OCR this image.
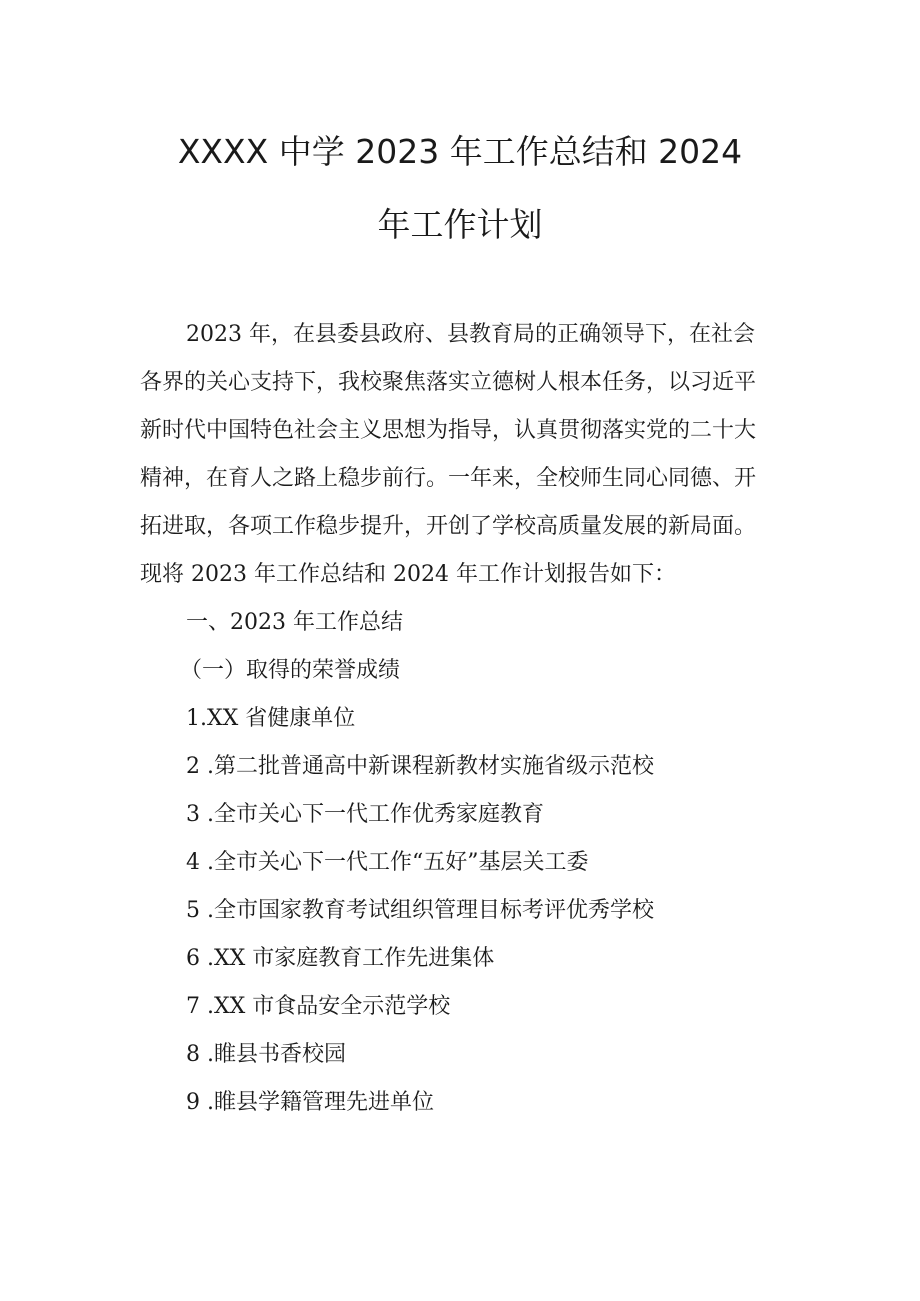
XXXX 中学 2023 年工作总结和 2024
年工作计划
2023 年，在县委县政府、县教育局的正确领导下，在社会
各界的关心支持下，我校聚焦落实立德树人根本任务，以习近平
新时代中国特色社会主义思想为指导，认真贯彻落实党的二十大
精神，在育人之路上稳步前行。一年来，全校师生同心同德、开
拓进取，各项工作稳步提升，开创了学校高质量发展的新局面。
现将 2023 年工作总结和 2024 年工作计划报告如下：
一、2023 年工作总结
（一）取得的荣誉成绩
1.XX 省健康单位
2 .第二批普通高中新课程新教材实施省级示范校
3 .全市关心下一代工作优秀家庭教育
4 .全市关心下一代工作“五好”基层关工委
5 .全市国家教育考试组织管理目标考评优秀学校
6 .XX 市家庭教育工作先进集体
7 .XX 市食品安全示范学校
8 .睢县书香校园
9 .睢县学籍管理先进单位
